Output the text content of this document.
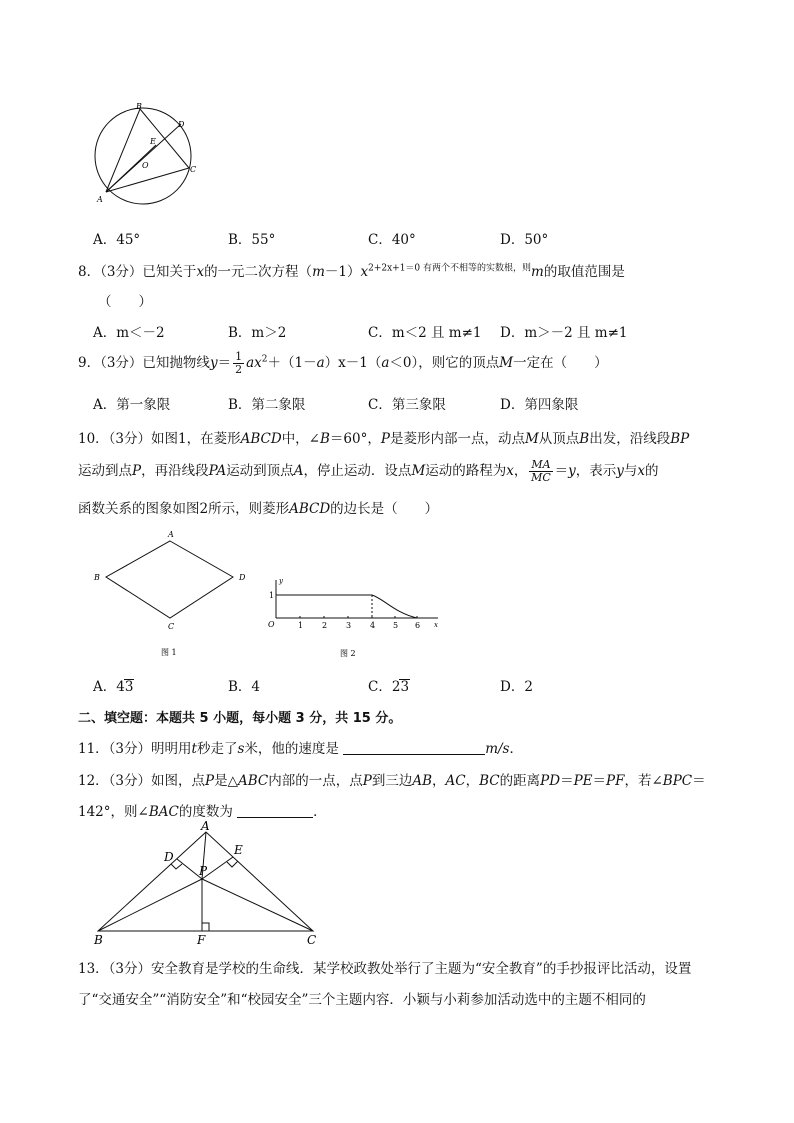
B
D
E
O	C
A
A．45°	B．55°	C．40°	D．50°
8．（3分）已知关于x的一元二次方程$(m-1)x^{2+2x+1=0 有两个不相等的实数根,则}m$的取值范围是
（　　）
A．m＜－2	B．m＞2	C．m＜2 且 m≠1 D．m＞－2 且 m≠1
9．（3分）已知抛物线$y= \frac{1}{2} ax^2+(1-a)x-1(a<0)$，则它的顶点M一定在（　　）
A．第一象限	B．第二象限	C．第三象限	D．第四象限
10．（3分）如图1，在菱形ABCD中，∠B＝60°，P是菱形内部一点，动点M从顶点B出发，沿线段BP
运动到点P，再沿线段PA运动到顶点A，停止运动．设点M运动的路程为x， $\frac{MA}{MC} =y$，表示y与x的
函数关系的图象如图2所示，则菱形ABCD的边长是（　　）
A
B	D
C
图 1
y
x
O
1
1 2 3 4 5 6
图 2
A．43	B．4	C．23	D．2
二、填空题：本题共 5 小题，每小题 3 分，共 15 分。
11．（3分）明明用t秒走了s米，他的速度是	m/s．
12．（3分）如图，点P是△ABC内部的一点，点P到三边AB，AC，BC的距离PD＝PE＝PF，若∠BPC＝
142°，则∠BAC的度数为	．
A
D	E
P
B	F	C
13．（3分）安全教育是学校的生命线．某学校政教处举行了主题为“安全教育”的手抄报评比活动，设置
了“交通安全”“消防安全”和“校园安全”三个主题内容．小颖与小莉参加活动选中的主题不相同的
